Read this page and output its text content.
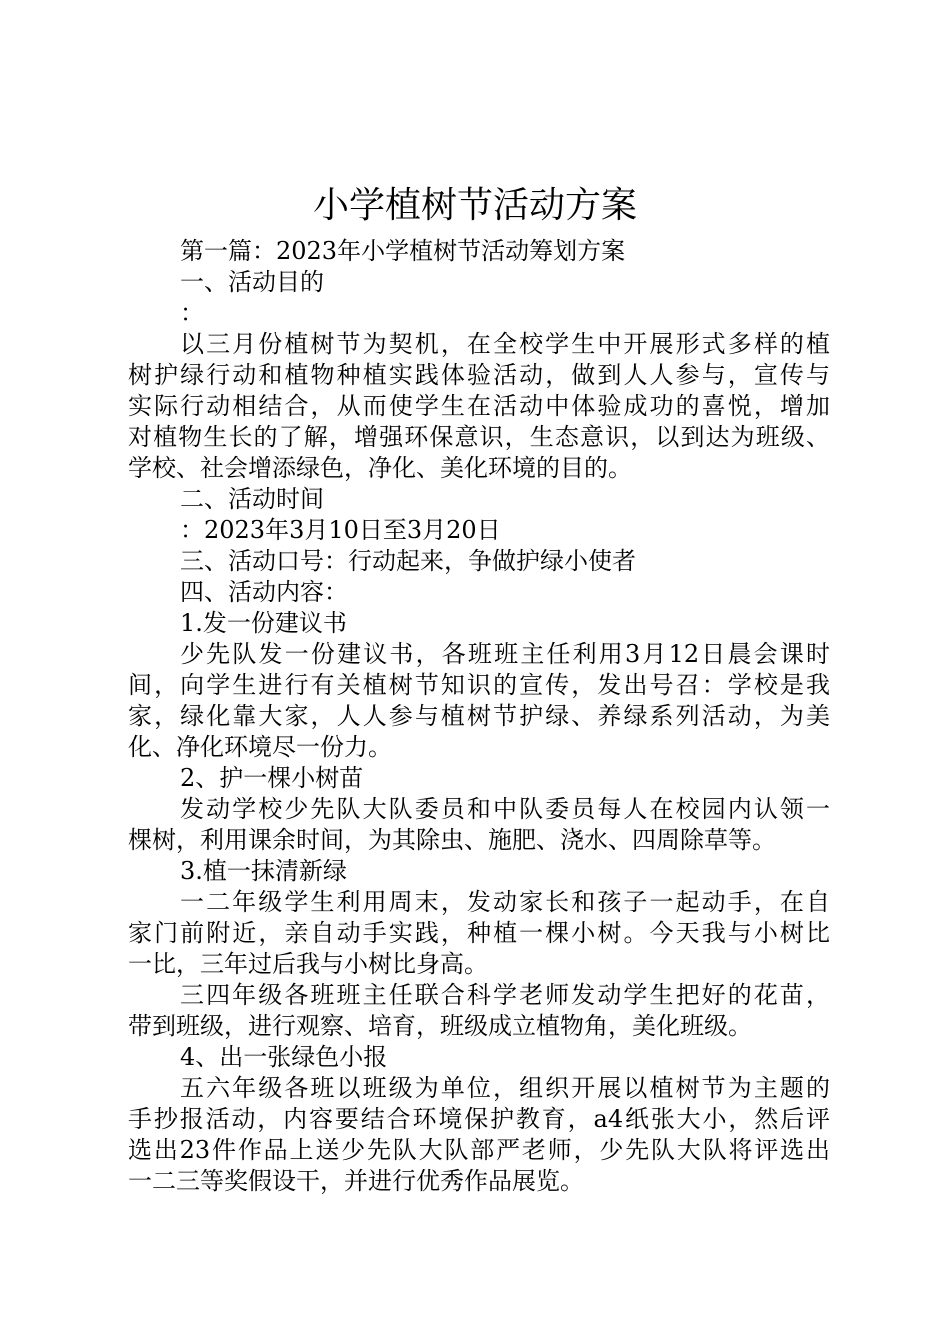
小学植树节活动方案
第一篇：2023年小学植树节活动筹划方案
一、活动目的
：
以三月份植树节为契机，在全校学生中开展形式多样的植
树护绿行动和植物种植实践体验活动，做到人人参与，宣传与
实际行动相结合，从而使学生在活动中体验成功的喜悦，增加
对植物生长的了解，增强环保意识，生态意识，以到达为班级、
学校、社会增添绿色，净化、美化环境的目的。
二、活动时间
：2023年3月10日至3月20日
三、活动口号：行动起来，争做护绿小使者
四、活动内容：
1.发一份建议书
少先队发一份建议书，各班班主任利用3月12日晨会课时
间，向学生进行有关植树节知识的宣传，发出号召：学校是我
家，绿化靠大家，人人参与植树节护绿、养绿系列活动，为美
化、净化环境尽一份力。
2、护一棵小树苗
发动学校少先队大队委员和中队委员每人在校园内认领一
棵树，利用课余时间，为其除虫、施肥、浇水、四周除草等。
3.植一抹清新绿
一二年级学生利用周末，发动家长和孩子一起动手，在自
家门前附近，亲自动手实践，种植一棵小树。今天我与小树比
一比，三年过后我与小树比身高。
三四年级各班班主任联合科学老师发动学生把好的花苗，
带到班级，进行观察、培育，班级成立植物角，美化班级。
4、出一张绿色小报
五六年级各班以班级为单位，组织开展以植树节为主题的
手抄报活动，内容要结合环境保护教育，a4纸张大小，然后评
选出23件作品上送少先队大队部严老师，少先队大队将评选出
一二三等奖假设干，并进行优秀作品展览。
